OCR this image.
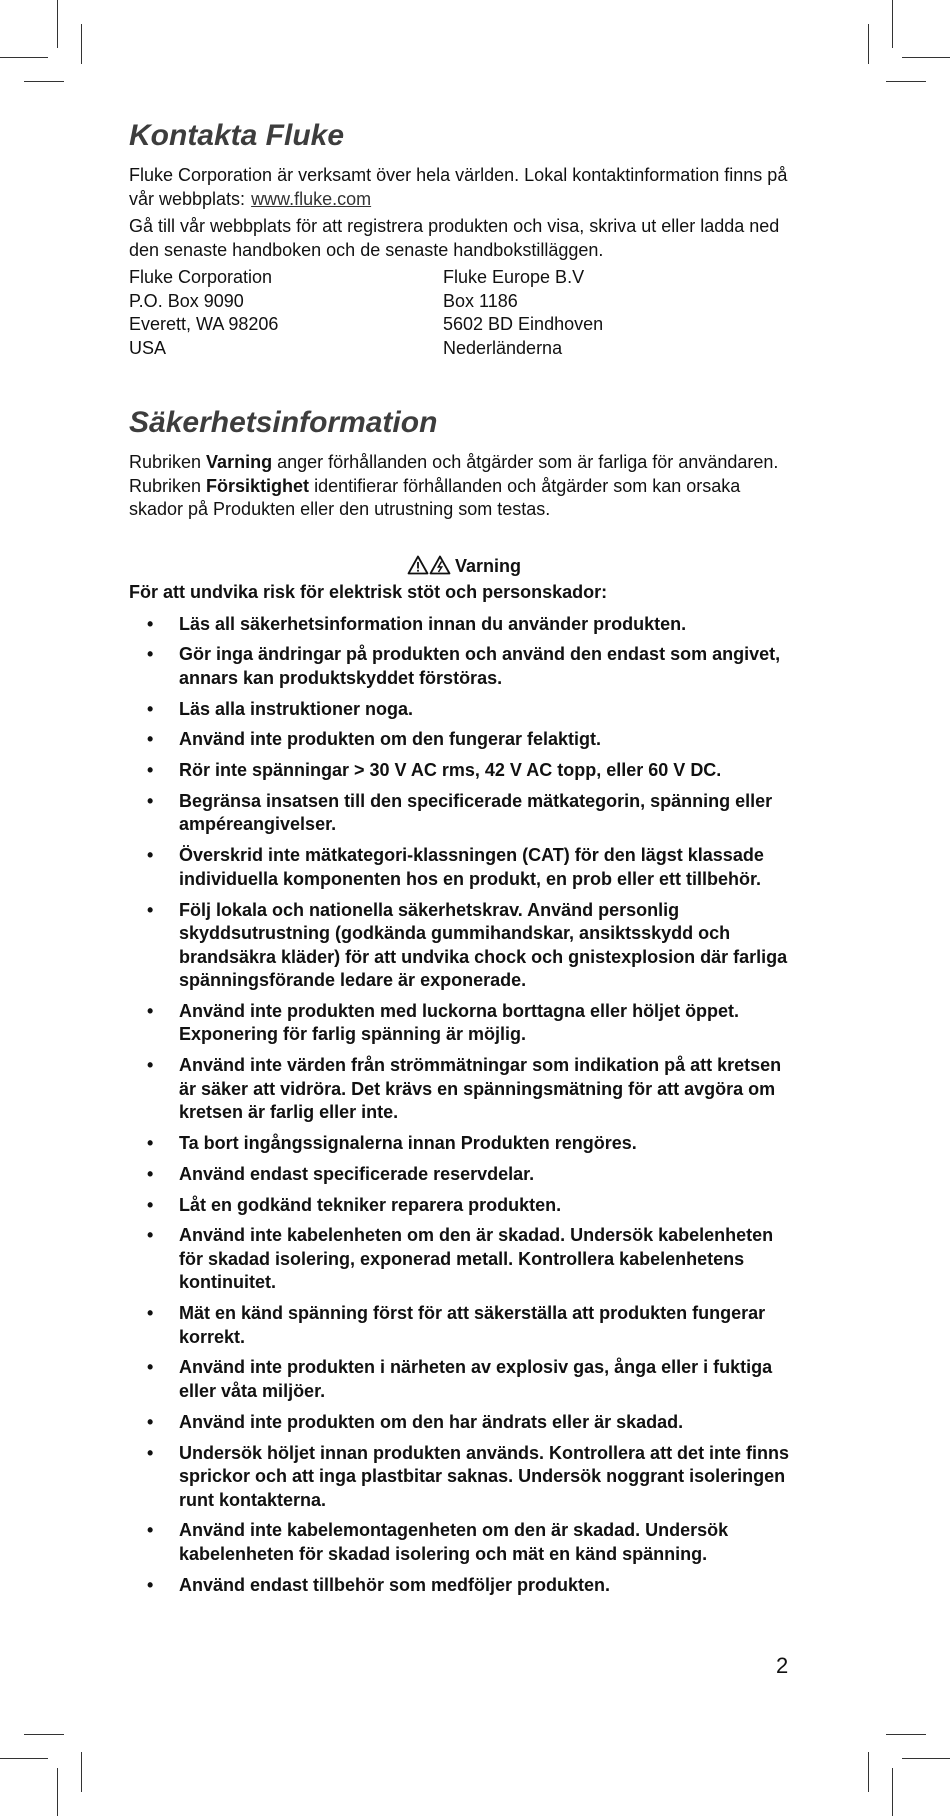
Kontakta Fluke

Fluke Corporation är verksamt över hela världen. Lokal kontaktinformation finns på vår webbplats: www.fluke.com

Gå till vår webbplats för att registrera produkten och visa, skriva ut eller ladda ned den senaste handboken och de senaste handbokstilläggen.

Fluke Corporation
P.O. Box 9090
Everett, WA 98206
USA
Fluke Europe B.V
Box 1186
5602 BD Eindhoven
Nederländerna
Säkerhetsinformation

Rubriken Varning anger förhållanden och åtgärder som är farliga för användaren. Rubriken Försiktighet identifierar förhållanden och åtgärder som kan orsaka skador på Produkten eller den utrustning som testas.

Varning
För att undvika risk för elektrisk stöt och personskador:
• Läs all säkerhetsinformation innan du använder produkten.
• Gör inga ändringar på produkten och använd den endast som angivet, annars kan produktskyddet förstöras.
• Läs alla instruktioner noga.
• Använd inte produkten om den fungerar felaktigt.
• Rör inte spänningar > 30 V AC rms, 42 V AC topp, eller 60 V DC.
• Begränsa insatsen till den specificerade mätkategorin, spänning eller ampéreangivelser.
• Överskrid inte mätkategori-klassningen (CAT) för den lägst klassade individuella komponenten hos en produkt, en prob eller ett tillbehör.
• Följ lokala och nationella säkerhetskrav. Använd personlig skyddsutrustning (godkända gummihandskar, ansiktsskydd och brandsäkra kläder) för att undvika chock och gnistexplosion där farliga spänningsförande ledare är exponerade.
• Använd inte produkten med luckorna borttagna eller höljet öppet. Exponering för farlig spänning är möjlig.
• Använd inte värden från strömmätningar som indikation på att kretsen är säker att vidröra. Det krävs en spänningsmätning för att avgöra om kretsen är farlig eller inte.
• Ta bort ingångssignalerna innan Produkten rengöres.
• Använd endast specificerade reservdelar.
• Låt en godkänd tekniker reparera produkten.
• Använd inte kabelenheten om den är skadad. Undersök kabelenheten för skadad isolering, exponerad metall. Kontrollera kabelenhetens kontinuitet.
• Mät en känd spänning först för att säkerställa att produkten fungerar korrekt.
• Använd inte produkten i närheten av explosiv gas, ånga eller i fuktiga eller våta miljöer.
• Använd inte produkten om den har ändrats eller är skadad.
• Undersök höljet innan produkten används. Kontrollera att det inte finns sprickor och att inga plastbitar saknas. Undersök noggrant isoleringen runt kontakterna.
• Använd inte kabelemontagenheten om den är skadad. Undersök kabelenheten för skadad isolering och mät en känd spänning.
• Använd endast tillbehör som medföljer produkten.
2
